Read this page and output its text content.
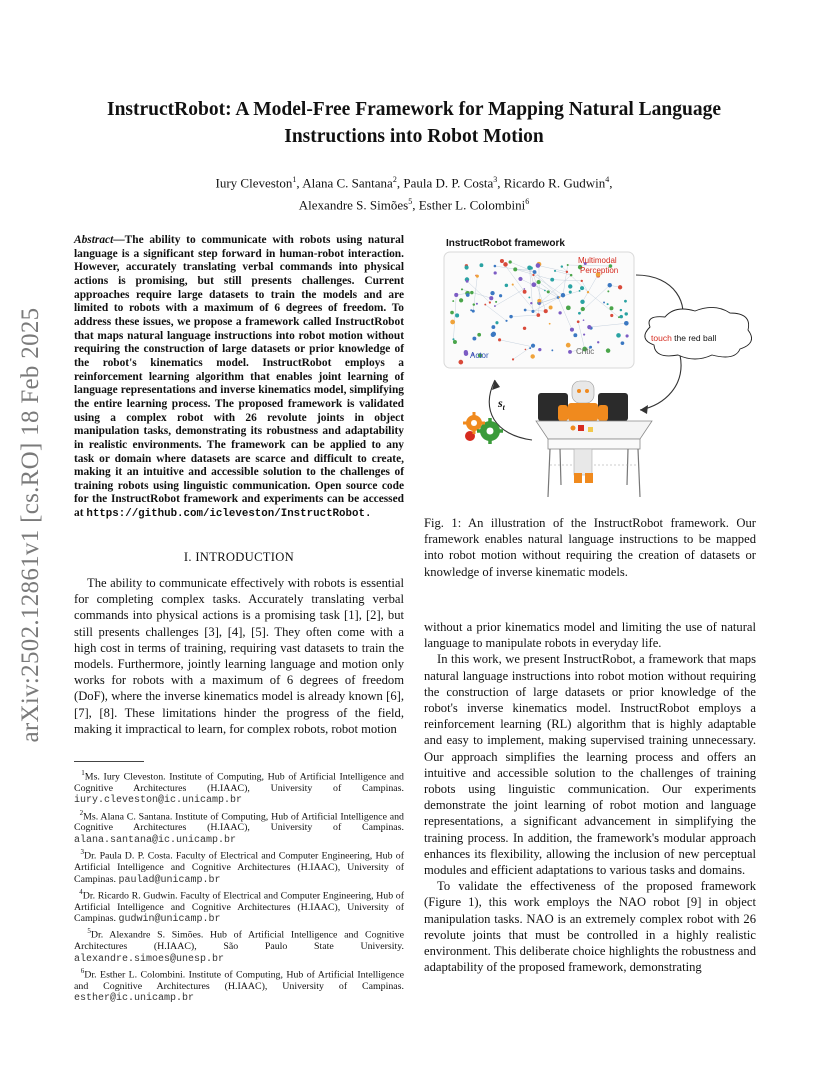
InstructRobot: A Model-Free Framework for Mapping Natural Language Instructions into Robot Motion
Iury Cleveston$^1$, Alana C. Santana$^2$, Paula D. P. Costa$^3$, Ricardo R. Gudwin$^4$,
Alexandre S. Simões$^5$, Esther L. Colombini$^6$
arXiv:2502.12861v1 [cs.RO] 18 Feb 2025
Abstract—The ability to communicate with robots using natural language is a significant step forward in human-robot interaction. However, accurately translating verbal commands into physical actions is promising, but still presents challenges. Current approaches require large datasets to train the models and are limited to robots with a maximum of 6 degrees of freedom. To address these issues, we propose a framework called InstructRobot that maps natural language instructions into robot motion without requiring the construction of large datasets or prior knowledge of the robot's kinematics model. InstructRobot employs a reinforcement learning algorithm that enables joint learning of language representations and inverse kinematics model, simplifying the entire learning process. The proposed framework is validated using a complex robot with 26 revolute joints in object manipulation tasks, demonstrating its robustness and adaptability in realistic environments. The framework can be applied to any task or domain where datasets are scarce and difficult to create, making it an intuitive and accessible solution to the challenges of training robots using linguistic communication. Open source code for the InstructRobot framework and experiments can be accessed at https://github.com/icleveston/InstructRobot.
I. INTRODUCTION

The ability to communicate effectively with robots is essential for completing complex tasks. Accurately translating verbal commands into physical actions is a promising task [1], [2], but still presents challenges [3], [4], [5]. They often come with a high cost in terms of training, requiring vast datasets to train the models. Furthermore, jointly learning language and motion only works for robots with a maximum of 6 degrees of freedom (DoF), where the inverse kinematics model is already known [6], [7], [8]. These limitations hinder the progress of the field, making it impractical to learn, for complex robots, robot motion

$^1$Ms. Iury Cleveston. Institute of Computing, Hub of Artificial Intelligence and Cognitive Architectures (H.IAAC), University of Campinas. iury.cleveston@ic.unicamp.br
$^2$Ms. Alana C. Santana. Institute of Computing, Hub of Artificial Intelligence and Cognitive Architectures (H.IAAC), University of Campinas. alana.santana@ic.unicamp.br
$^3$Dr. Paula D. P. Costa. Faculty of Electrical and Computer Engineering, Hub of Artificial Intelligence and Cognitive Architectures (H.IAAC), University of Campinas. paulad@unicamp.br
$^4$Dr. Ricardo R. Gudwin. Faculty of Electrical and Computer Engineering, Hub of Artificial Intelligence and Cognitive Architectures (H.IAAC), University of Campinas. gudwin@unicamp.br
$^5$Dr. Alexandre S. Simões. Hub of Artificial Intelligence and Cognitive Architectures (H.IAAC), São Paulo State University. alexandre.simoes@unesp.br
$^6$Dr. Esther L. Colombini. Institute of Computing, Hub of Artificial Intelligence and Cognitive Architectures (H.IAAC), University of Campinas. esther@ic.unicamp.br
InstructRobot framework
Multimodal Perception
Actor	Critic
touch the red ball
$s_t$
Fig. 1: An illustration of the InstructRobot framework. Our framework enables natural language instructions to be mapped into robot motion without requiring the creation of datasets or knowledge of inverse kinematic models.

without a prior kinematics model and limiting the use of natural language to manipulate robots in everyday life.

In this work, we present InstructRobot, a framework that maps natural language instructions into robot motion without requiring the construction of large datasets or prior knowledge of the robot's inverse kinematics model. InstructRobot employs a reinforcement learning (RL) algorithm that is highly adaptable and easy to implement, making supervised training unnecessary. Our approach simplifies the learning process and offers an intuitive and accessible solution to the challenges of training robots using linguistic communication. Our experiments demonstrate the joint learning of robot motion and language representations, a significant advancement in simplifying the training process. In addition, the framework's modular approach enhances its flexibility, allowing the inclusion of new perceptual modules and efficient adaptations to various tasks and domains.

To validate the effectiveness of the proposed framework (Figure 1), this work employs the NAO robot [9] in object manipulation tasks. NAO is an extremely complex robot with 26 revolute joints that must be controlled in a highly realistic environment. This deliberate choice highlights the robustness and adaptability of the proposed framework, demonstrating
